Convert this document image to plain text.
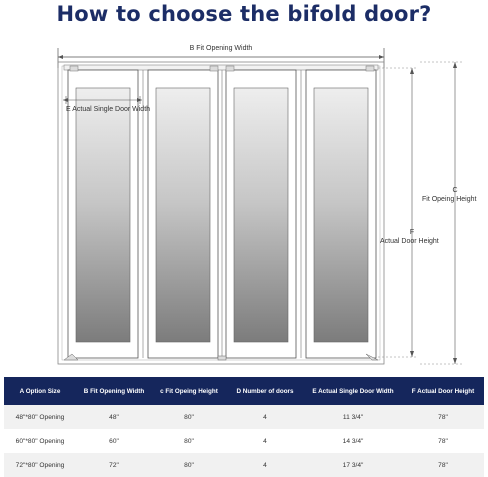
How to choose the bifold door?
B Fit Opening Width
E Actual Single Door Width
C
Fit Opeing Height
F
Actual Door Height
A Option Size	B Fit Opening Width	c Fit Opeing Height	D Number of doors	E Actual Single Door Width	F Actual Door Height
48"*80" Opening	48"	80"	4	11 3/4"	78"
60"*80" Opening	60"	80"	4	14 3/4"	78"
72"*80" Opening	72"	80"	4	17 3/4"	78"
